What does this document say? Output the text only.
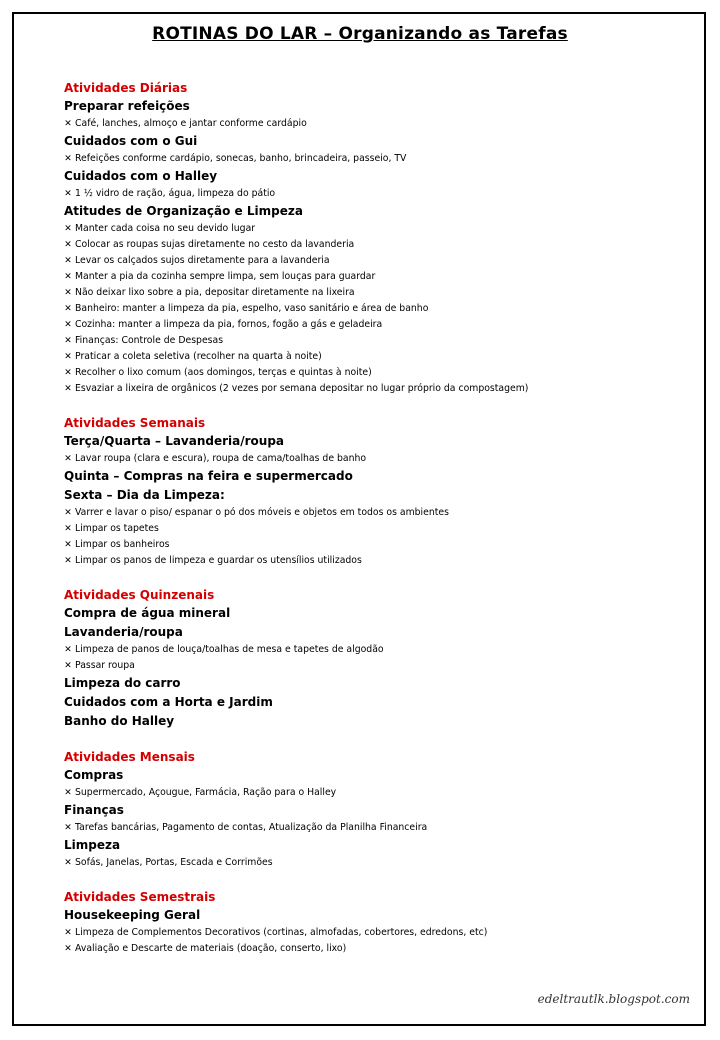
ROTINAS DO LAR – Organizando as Tarefas
Atividades Diárias
Preparar refeições
✕ Café, lanches, almoço e jantar conforme cardápio
Cuidados com o Gui
✕ Refeições conforme cardápio, sonecas, banho, brincadeira, passeio, TV
Cuidados com o Halley
✕ 1 ½ vidro de ração, água, limpeza do pátio
Atitudes de Organização e Limpeza
✕ Manter cada coisa no seu devido lugar
✕ Colocar as roupas sujas diretamente no cesto da lavanderia
✕ Levar os calçados sujos diretamente para a lavanderia
✕ Manter a pia da cozinha sempre limpa, sem louças para guardar
✕ Não deixar lixo sobre a pia, depositar diretamente na lixeira
✕ Banheiro: manter a limpeza da pia, espelho, vaso sanitário e área de banho
✕ Cozinha: manter a limpeza da pia, fornos, fogão a gás e geladeira
✕ Finanças: Controle de Despesas
✕ Praticar a coleta seletiva (recolher na quarta à noite)
✕ Recolher o lixo comum (aos domingos, terças e quintas à noite)
✕ Esvaziar a lixeira de orgânicos (2 vezes por semana depositar no lugar próprio da compostagem)
Atividades Semanais
Terça/Quarta – Lavanderia/roupa
✕ Lavar roupa (clara e escura), roupa de cama/toalhas de banho
Quinta – Compras na feira e supermercado
Sexta – Dia da Limpeza:
✕ Varrer e lavar o piso/ espanar o pó dos móveis e objetos em todos os ambientes
✕ Limpar os tapetes
✕ Limpar os banheiros
✕ Limpar os panos de limpeza e guardar os utensílios utilizados
Atividades Quinzenais
Compra de água mineral
Lavanderia/roupa
✕ Limpeza de panos de louça/toalhas de mesa e tapetes de algodão
✕ Passar roupa
Limpeza do carro
Cuidados com a Horta e Jardim
Banho do Halley
Atividades Mensais
Compras
✕ Supermercado, Açougue, Farmácia, Ração para o Halley
Finanças
✕ Tarefas bancárias, Pagamento de contas, Atualização da Planilha Financeira
Limpeza
✕ Sofás, Janelas, Portas, Escada e Corrimões
Atividades Semestrais
Housekeeping Geral
✕ Limpeza de Complementos Decorativos (cortinas, almofadas, cobertores, edredons, etc)
✕ Avaliação e Descarte de materiais (doação, conserto, lixo)
edeltrautlk.blogspot.com
